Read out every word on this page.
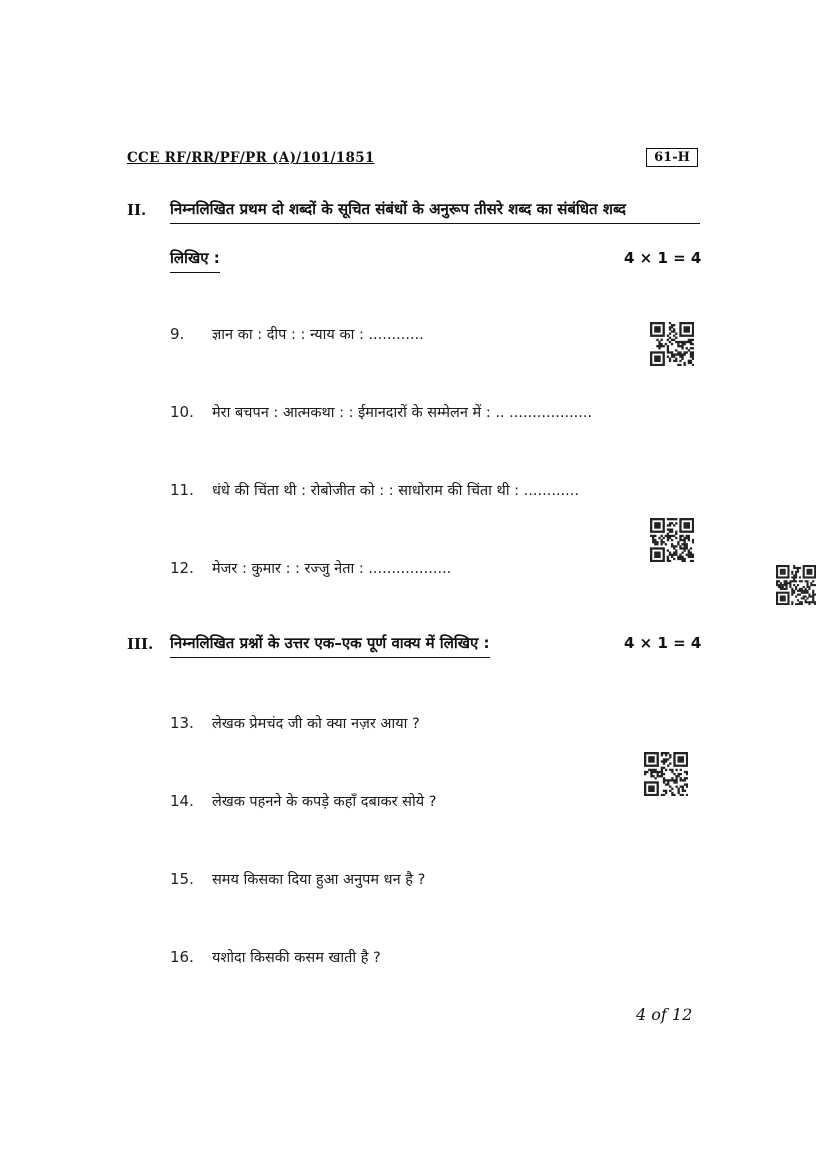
CCE RF/RR/PF/PR (A)/101/1851	61-H
II. निम्नलिखित प्रथम दो शब्दों के सूचित संबंधों के अनुरूप तीसरे शब्द का संबंधित शब्द
लिखिए :	4 × 1 = 4
9.	ज्ञान का : दीप : : न्याय का : ............
10.	मेरा बचपन : आत्मकथा : : ईमानदारों के सम्मेलन में : .. ..................
11.	धंधे की चिंता थी : रोबोजीत को : : साधोराम की चिंता थी : ............
12.	मेजर : कुमार : : रज्जु नेता : ..................
III. निम्नलिखित प्रश्नों के उत्तर एक–एक पूर्ण वाक्य में लिखिए :	4 × 1 = 4
13.	लेखक प्रेमचंद जी को क्या नज़र आया ?
14.	लेखक पहनने के कपड़े कहाँ दबाकर सोये ?
15.	समय किसका दिया हुआ अनुपम धन है ?
16.	यशोदा किसकी कसम खाती है ?
4 of 12
